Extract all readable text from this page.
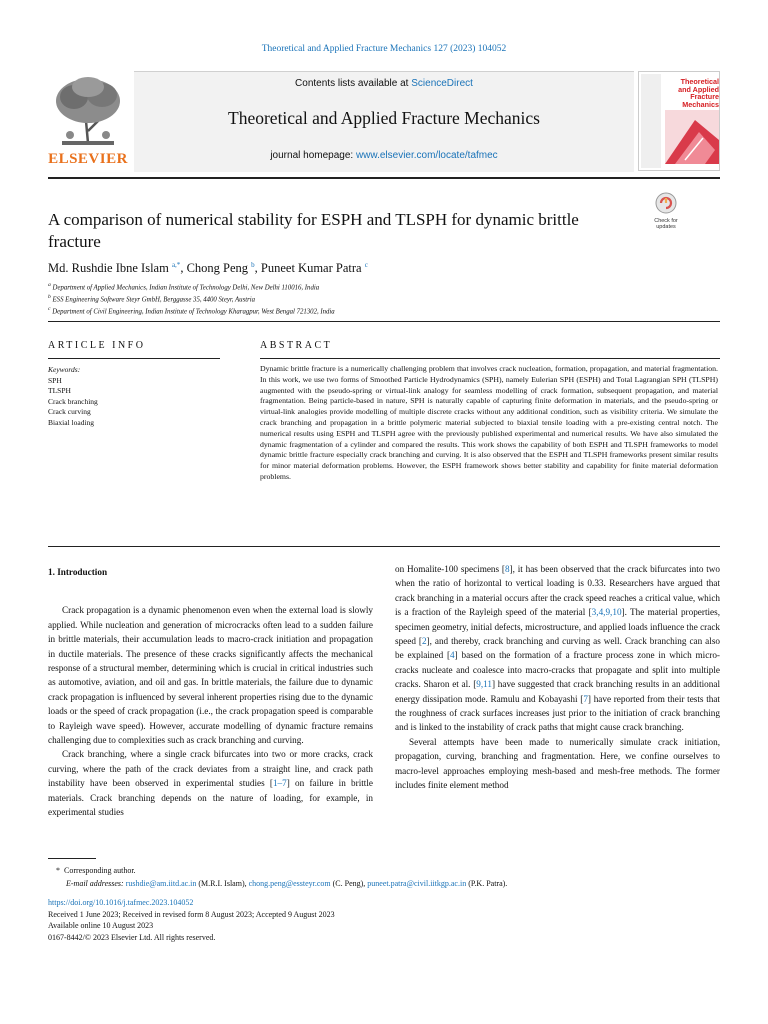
Theoretical and Applied Fracture Mechanics 127 (2023) 104052
ELSEVIER
Contents lists available at ScienceDirect
Theoretical and Applied Fracture Mechanics
journal homepage: www.elsevier.com/locate/tafmec
Theoretical
and Applied
Fracture
Mechanics
A comparison of numerical stability for ESPH and TLSPH for dynamic brittle fracture
Check for
updates
Md. Rushdie Ibne Islam $^{a,*}$, Chong Peng $^b$, Puneet Kumar Patra $^c$
$^a$ Department of Applied Mechanics, Indian Institute of Technology Delhi, New Delhi 110016, India
$^b$ ESS Engineering Software Steyr GmbH, Berggasse 35, 4400 Steyr, Austria
$^c$ Department of Civil Engineering, Indian Institute of Technology Kharagpur, West Bengal 721302, India
ARTICLE INFO	ABSTRACT
Keywords:
SPH
TLSPH
Crack branching
Crack curving
Biaxial loading
Dynamic brittle fracture is a numerically challenging problem that involves crack nucleation, formation, propagation, and material fragmentation. In this work, we use two forms of Smoothed Particle Hydrodynamics (SPH), namely Eulerian SPH (ESPH) and Total Lagrangian SPH (TLSPH) augmented with the pseudo-spring or virtual-link analogy for seamless modelling of crack formation, subsequent propagation, and material fragmentation. Being particle-based in nature, SPH is naturally capable of capturing finite deformation in materials, and the pseudo-spring or virtual-link analogies provide modelling of multiple discrete cracks without any additional condition, such as visibility criteria. We simulate the crack branching and propagation in a brittle polymeric material subjected to biaxial tensile loading with a pre-existing central notch. The numerical results using ESPH and TLSPH agree with the previously published experimental and numerical results. We have also simulated the dynamic fragmentation of a cylinder and compared the results. This work shows the capability of both ESPH and TLSPH frameworks to model dynamic brittle fracture especially crack branching and curving. It is also observed that the ESPH and TLSPH frameworks present similar results for minor material deformation problems. However, the ESPH framework shows better stability and capability for finite material deformation problems.
1. Introduction

Crack propagation is a dynamic phenomenon even when the external load is slowly applied. While nucleation and generation of microcracks often lead to a sudden failure in brittle materials, their accumulation leads to macro-crack initiation and propagation in ductile materials. The presence of these cracks significantly affects the mechanical response of a structural member, determining which is crucial in critical industries such as automotive, aviation, and oil and gas. In brittle materials, the failure due to dynamic crack propagation is influenced by several inherent properties rising due to the dynamic loads or the speed of crack propagation (i.e., the crack propagation speed is comparable to Rayleigh wave speed). However, accurate modelling of dynamic fracture remains challenging due to complexities such as crack branching and curving.

Crack branching, where a single crack bifurcates into two or more cracks, crack curving, where the path of the crack deviates from a straight line, and crack path instability have been observed in experimental studies [1–7] on failure in brittle materials. Crack branching depends on the nature of loading, for example, in experimental studies

on Homalite-100 specimens [8], it has been observed that the crack bifurcates into two when the ratio of horizontal to vertical loading is 0.33. Researchers have argued that crack branching in a material occurs after the crack speed reaches a critical value, which is a fraction of the Rayleigh speed of the material [3,4,9,10]. The material properties, specimen geometry, initial defects, microstructure, and applied loads influence the crack speed [2], and thereby, crack branching and curving as well. Crack branching can also be explained [4] based on the formation of a fracture process zone in which micro-cracks nucleate and coalesce into macro-cracks that propagate and split into multiple cracks. Sharon et al. [9,11] have suggested that crack branching results in an additional energy dissipation mode. Ramulu and Kobayashi [7] have reported from their tests that the roughness of crack surfaces increases just prior to the initiation of crack branching and is linked to the instability of crack paths that might cause crack branching.

Several attempts have been made to numerically simulate crack initiation, propagation, curving, branching and fragmentation. Here, we confine ourselves to macro-level approaches employing mesh-based and mesh-free methods. The former includes finite element method

* Corresponding author.
E-mail addresses: rushdie@am.iitd.ac.in (M.R.I. Islam), chong.peng@essteyr.com (C. Peng), puneet.patra@civil.iitkgp.ac.in (P.K. Patra).
https://doi.org/10.1016/j.tafmec.2023.104052
Received 1 June 2023; Received in revised form 8 August 2023; Accepted 9 August 2023
Available online 10 August 2023
0167-8442/© 2023 Elsevier Ltd. All rights reserved.
